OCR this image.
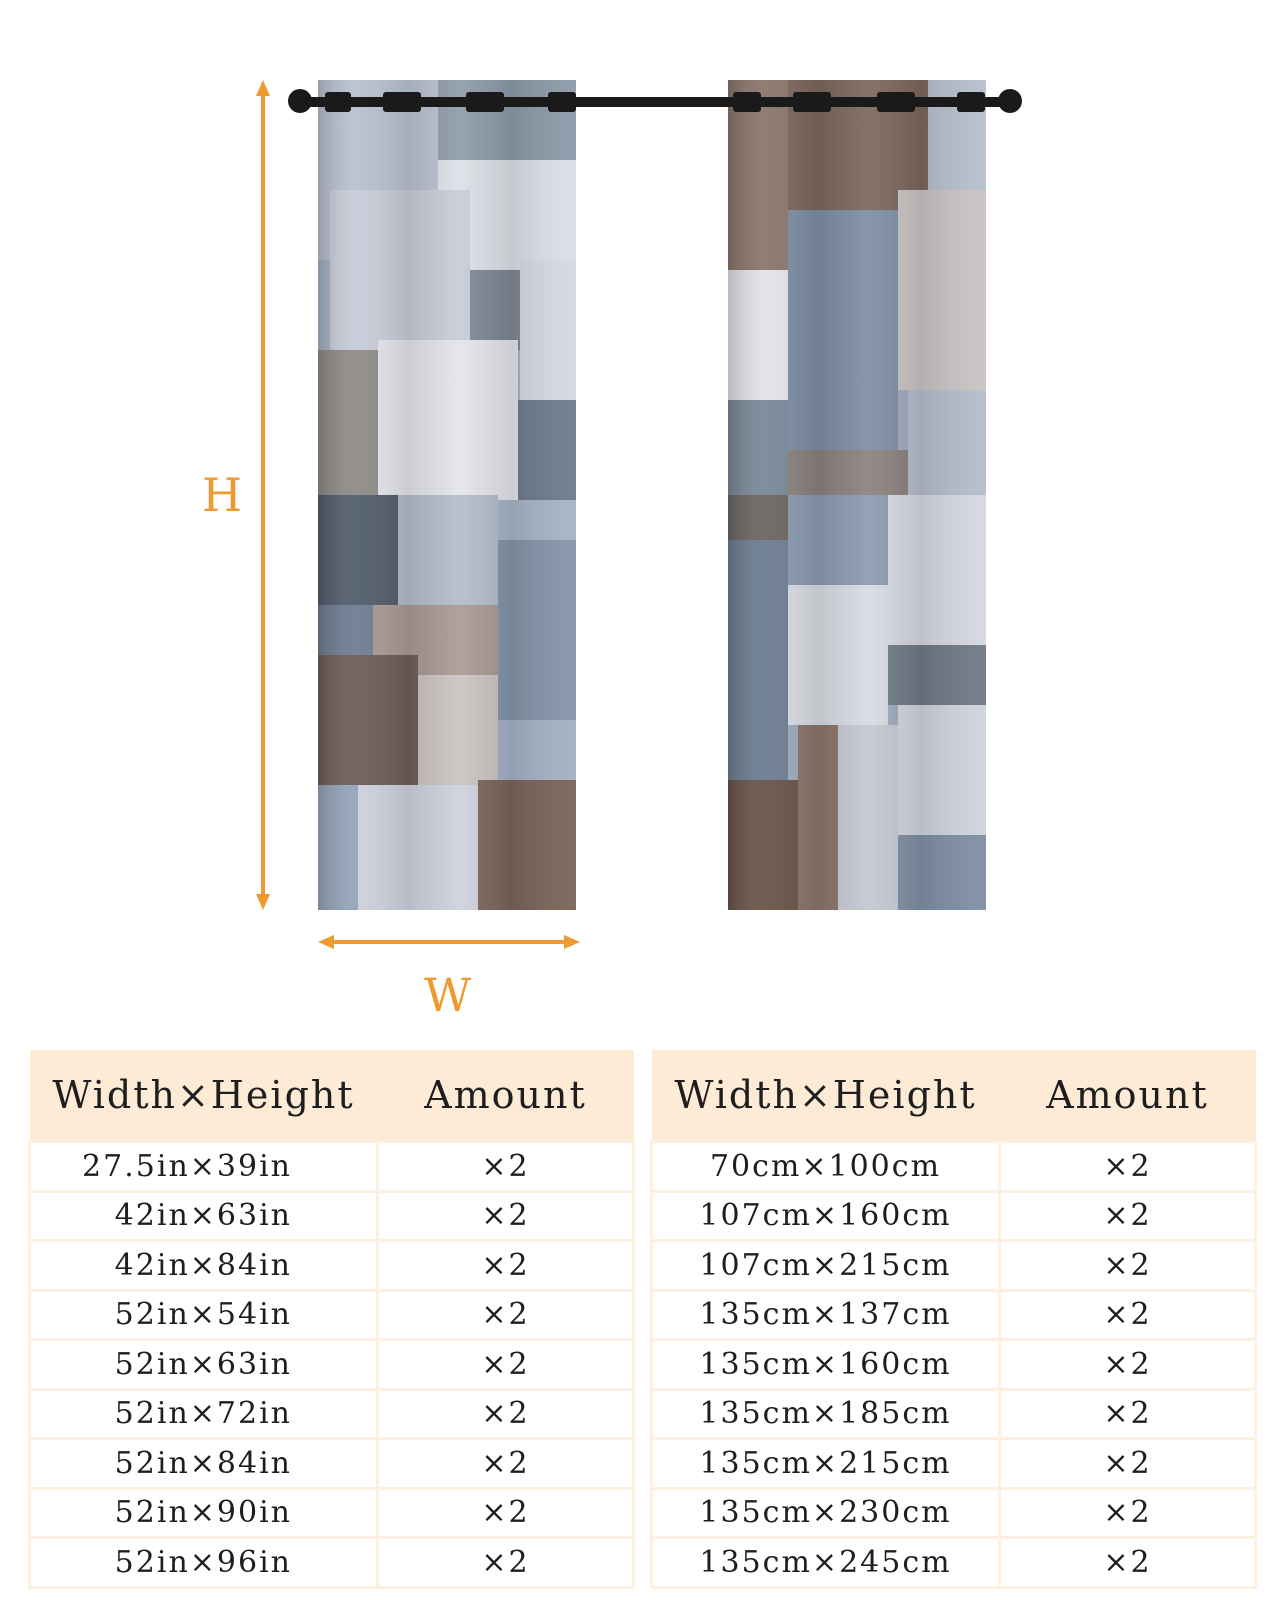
H
W
Width×Height	Amount
27.5in×39in	×2
42in×63in	×2
42in×84in	×2
52in×54in	×2
52in×63in	×2
52in×72in	×2
52in×84in	×2
52in×90in	×2
52in×96in	×2
Width×Height	Amount
70cm×100cm	×2
107cm×160cm	×2
107cm×215cm	×2
135cm×137cm	×2
135cm×160cm	×2
135cm×185cm	×2
135cm×215cm	×2
135cm×230cm	×2
135cm×245cm	×2
